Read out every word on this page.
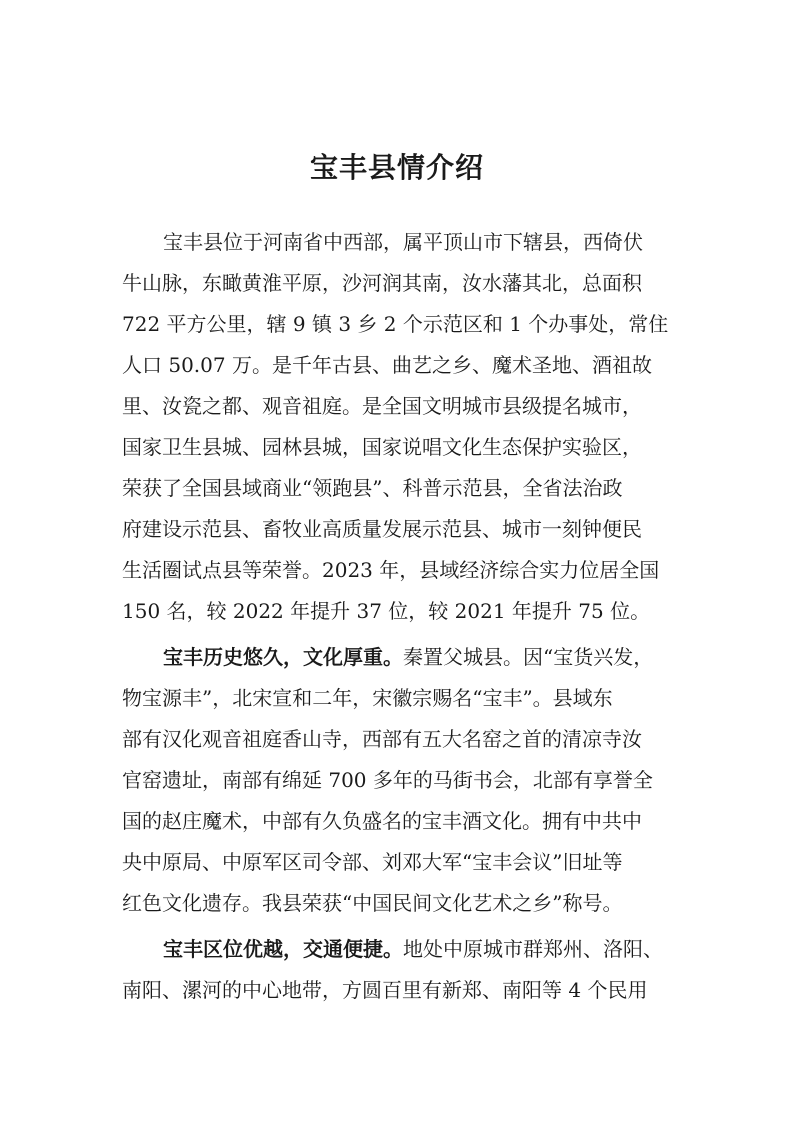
宝丰县情介绍
宝丰县位于河南省中西部，属平顶山市下辖县，西倚伏
牛山脉，东瞰黄淮平原，沙河润其南，汝水藩其北，总面积
722 平方公里，辖 9 镇 3 乡 2 个示范区和 1 个办事处，常住
人口 50.07 万。是千年古县、曲艺之乡、魔术圣地、酒祖故
里、汝瓷之都、观音祖庭。是全国文明城市县级提名城市，
国家卫生县城、园林县城，国家说唱文化生态保护实验区，
荣获了全国县域商业“领跑县”、科普示范县，全省法治政
府建设示范县、畜牧业高质量发展示范县、城市一刻钟便民
生活圈试点县等荣誉。2023 年，县域经济综合实力位居全国
150 名，较 2022 年提升 37 位，较 2021 年提升 75 位。
宝丰历史悠久，文化厚重。秦置父城县。因“宝货兴发，
物宝源丰”，北宋宣和二年，宋徽宗赐名“宝丰”。县域东
部有汉化观音祖庭香山寺，西部有五大名窑之首的清凉寺汝
官窑遗址，南部有绵延 700 多年的马街书会，北部有享誉全
国的赵庄魔术，中部有久负盛名的宝丰酒文化。拥有中共中
央中原局、中原军区司令部、刘邓大军“宝丰会议”旧址等
红色文化遗存。我县荣获“中国民间文化艺术之乡”称号。
宝丰区位优越，交通便捷。地处中原城市群郑州、洛阳、
南阳、漯河的中心地带，方圆百里有新郑、南阳等 4 个民用
